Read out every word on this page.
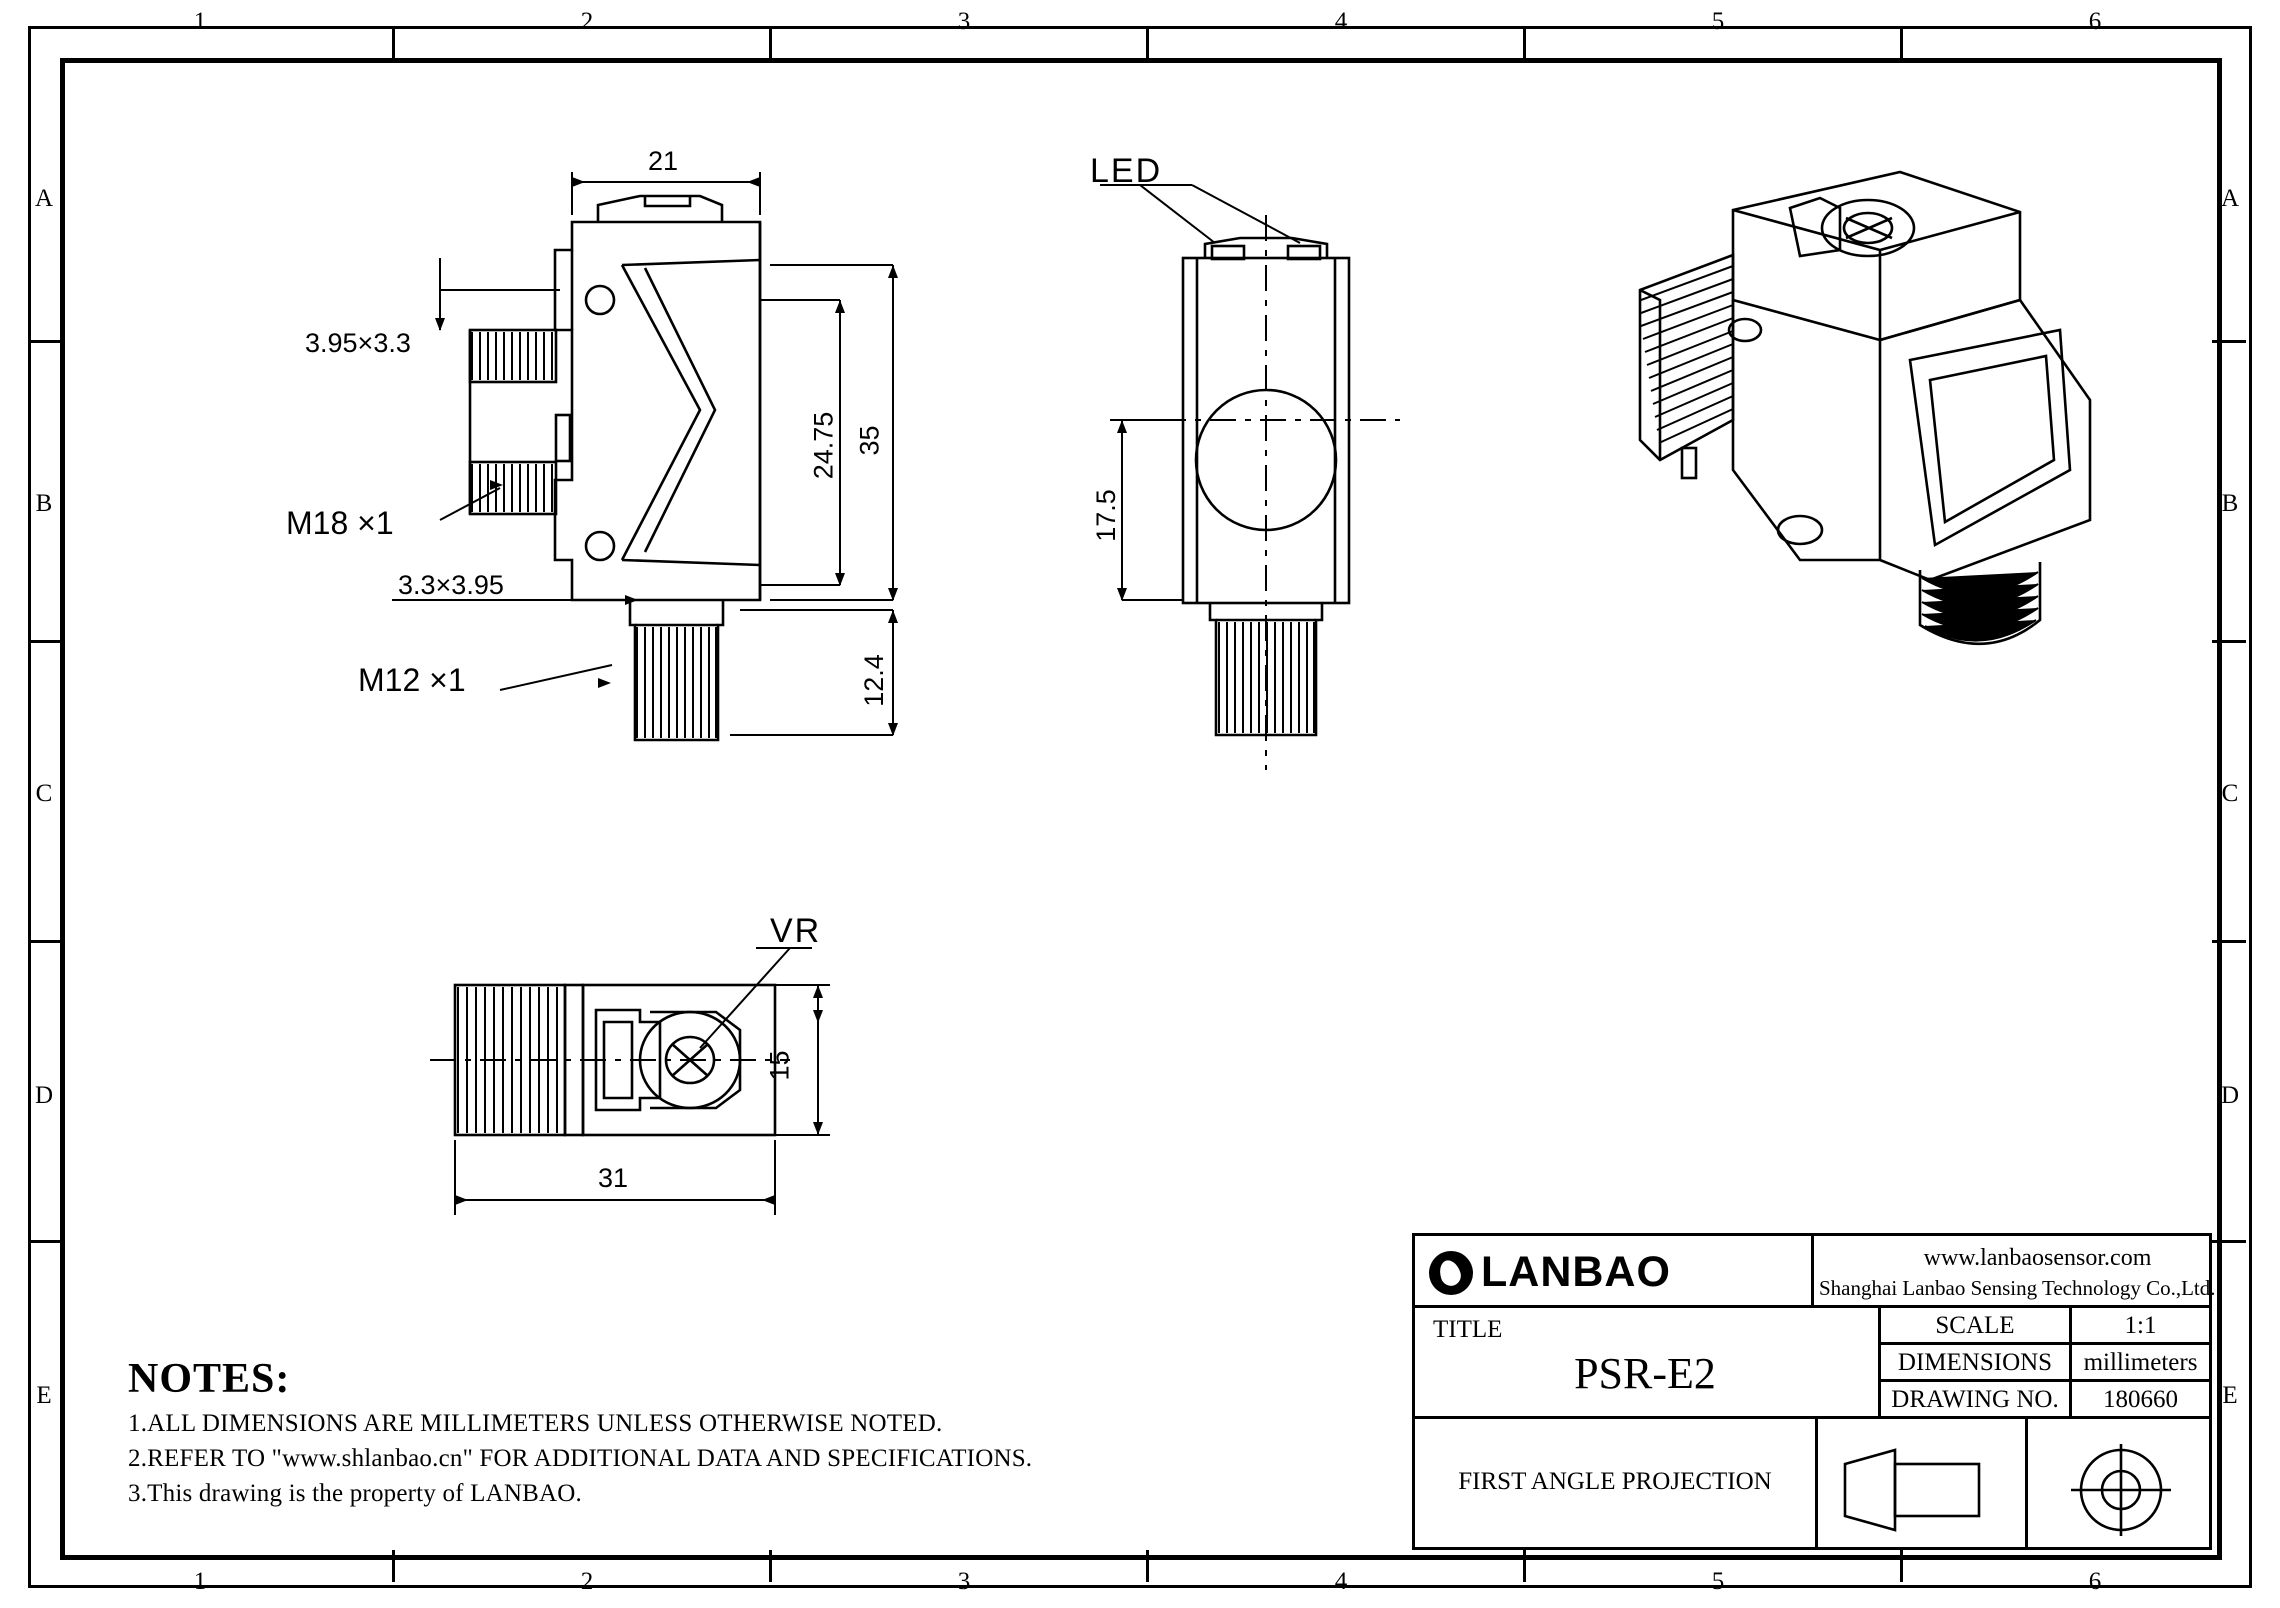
1	2	3	4	5	6
1	2	3	4	5	6
A
B
C
D
E
A
B
C
D
E
21
3.95×3.3
3.3×3.95
M18 ×1
M12 ×1
24.75 35
12.4
LED
17.5
VR
15
31
NOTES:
1.ALL DIMENSIONS ARE MILLIMETERS UNLESS OTHERWISE NOTED.
2.REFER TO "www.shlanbao.cn" FOR ADDITIONAL DATA AND SPECIFICATIONS.
3.This drawing is the property of LANBAO.
LANBAO	www.lanbaosensor.com
Shanghai Lanbao Sensing Technology Co.,Ltd.
TITLE
PSR-E2
SCALE	1:1
DIMENSIONS	millimeters
DRAWING NO.	180660
FIRST ANGLE PROJECTION
